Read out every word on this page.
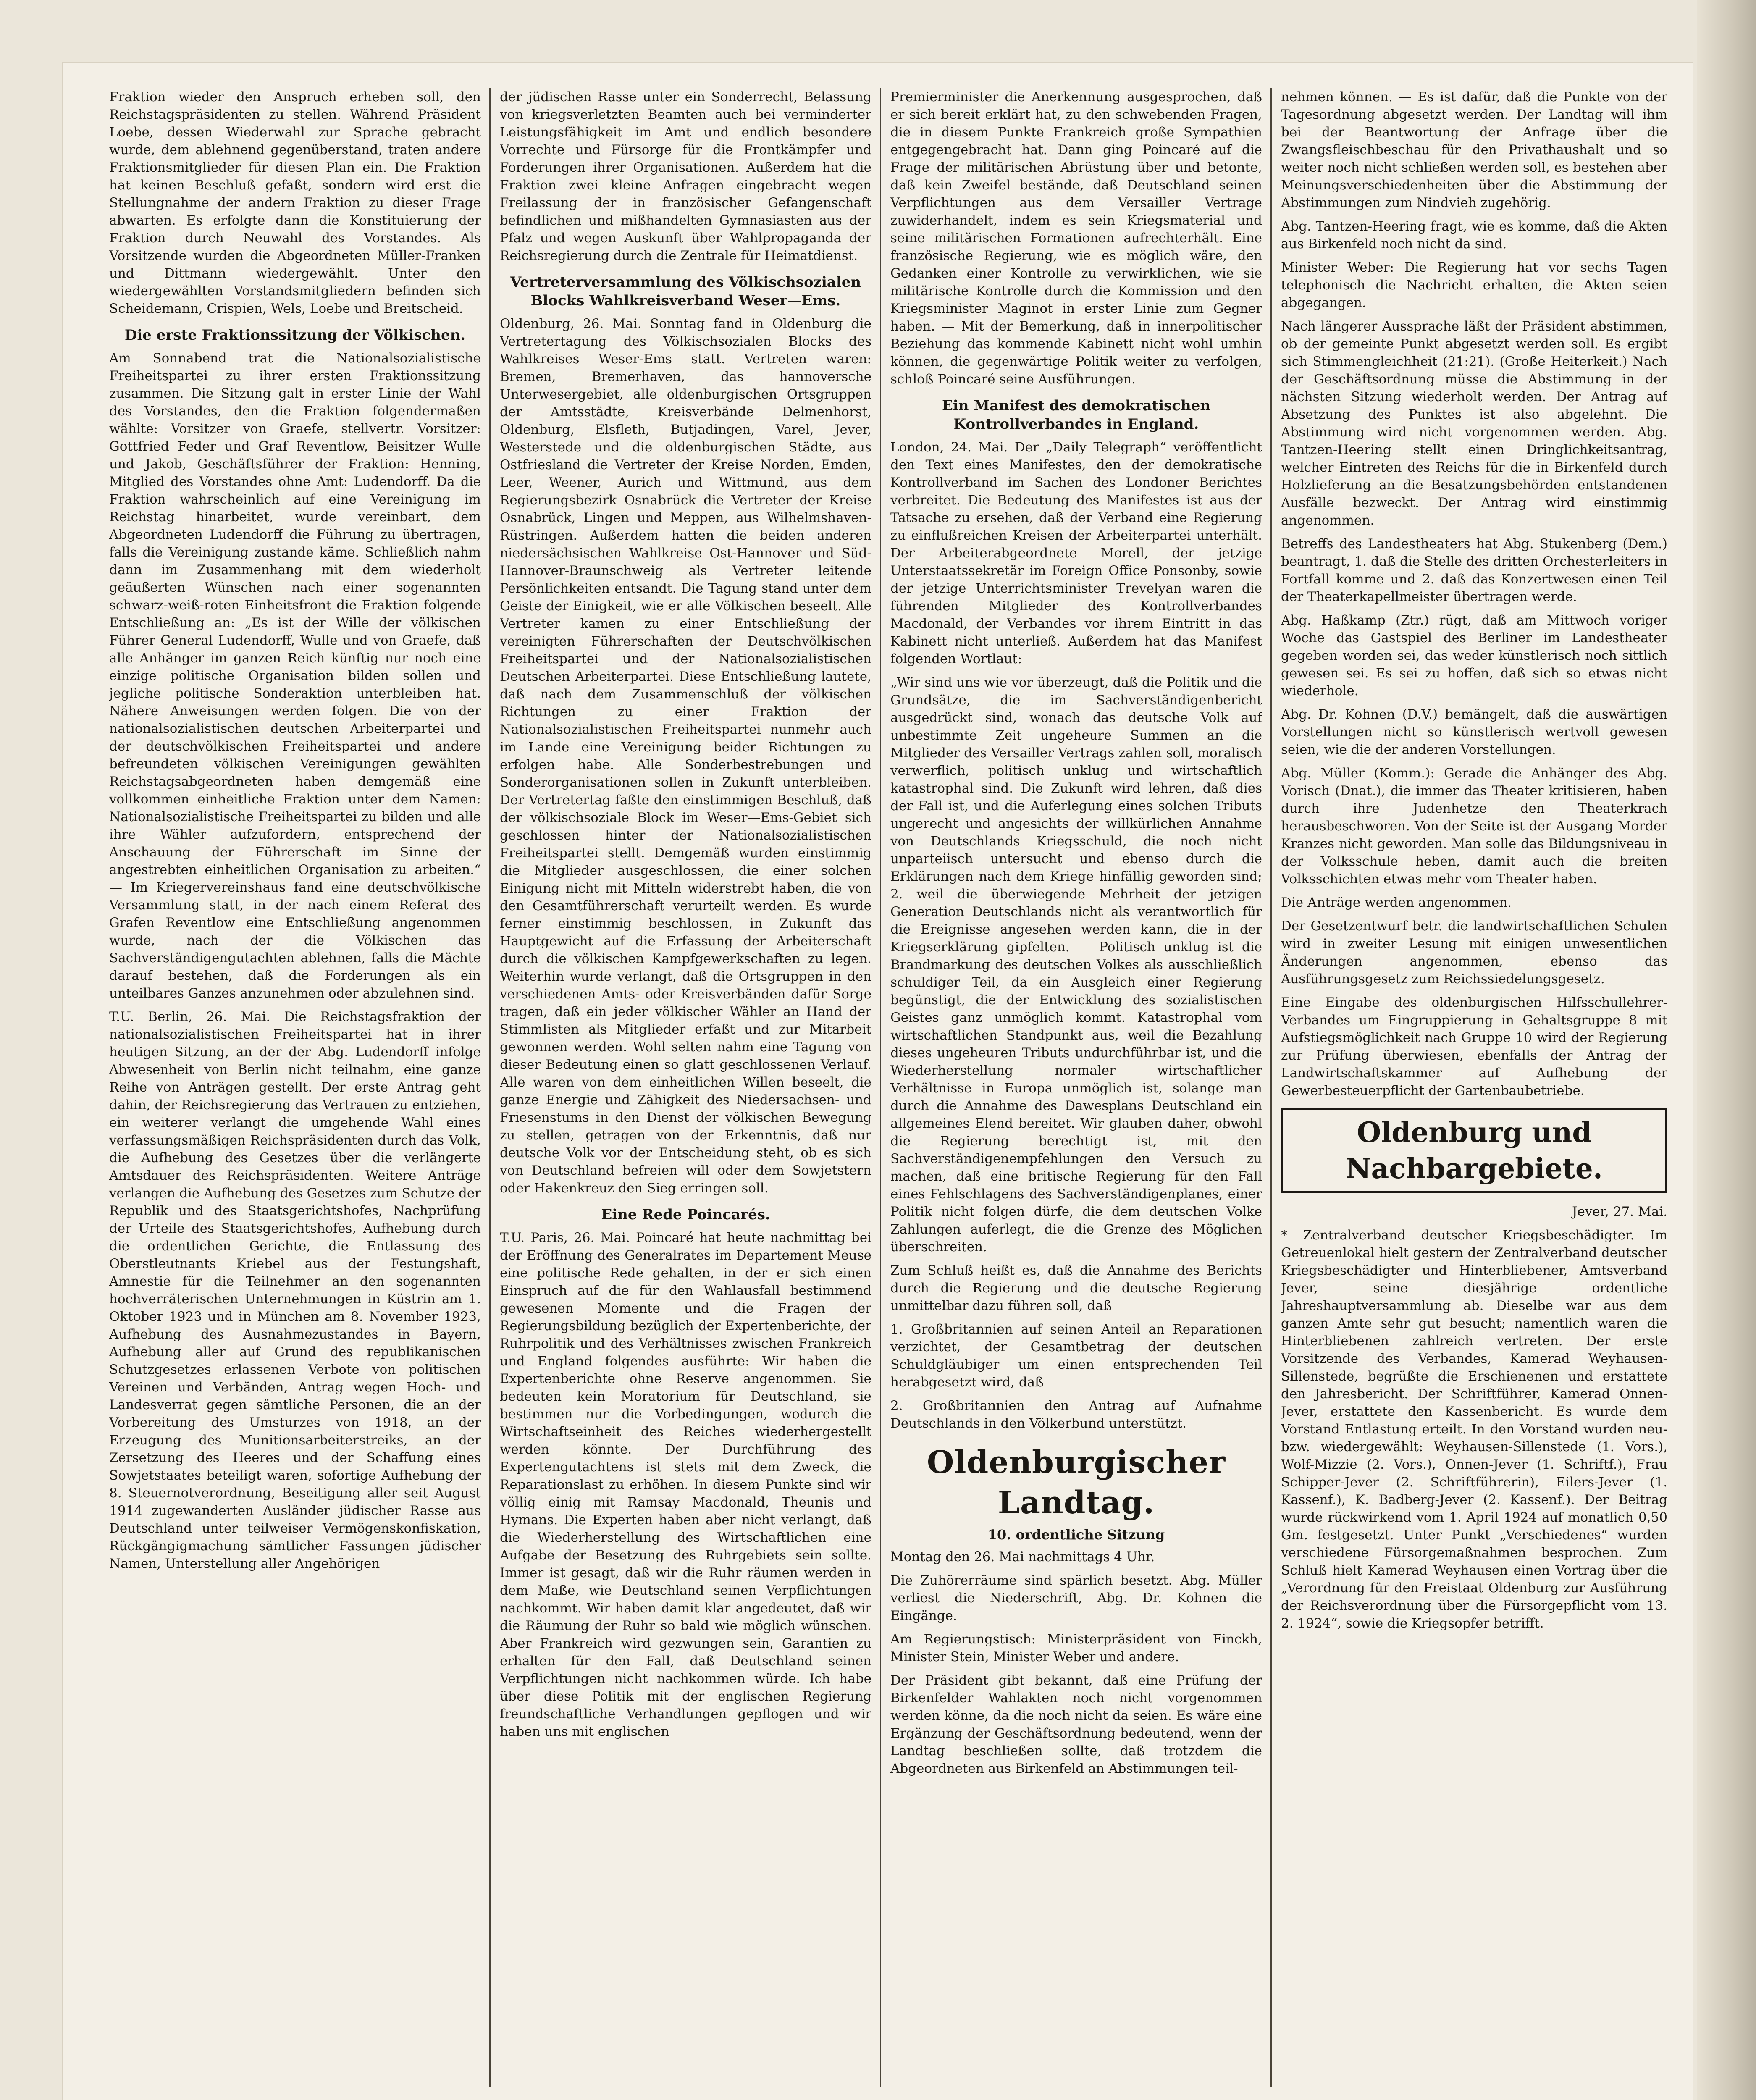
Fraktion wieder den Anspruch erheben soll, den Reichstagspräsidenten zu stellen. Während Präsident Loebe, dessen Wiederwahl zur Sprache gebracht wurde, dem ablehnend gegenüberstand, traten andere Fraktionsmitglieder für diesen Plan ein. Die Fraktion hat keinen Beschluß gefaßt, sondern wird erst die Stellungnahme der andern Fraktion zu dieser Frage abwarten. Es erfolgte dann die Konstituierung der Fraktion durch Neuwahl des Vorstandes. Als Vorsitzende wurden die Abgeordneten Müller-Franken und Dittmann wiedergewählt. Unter den wiedergewählten Vorstandsmitgliedern befinden sich Scheidemann, Crispien, Wels, Loebe und Breitscheid.

Die erste Fraktionssitzung der Völkischen.

Am Sonnabend trat die Nationalsozialistische Freiheitspartei zu ihrer ersten Fraktionssitzung zusammen. Die Sitzung galt in erster Linie der Wahl des Vorstandes, den die Fraktion folgendermaßen wählte: Vorsitzer von Graefe, stellvertr. Vorsitzer: Gottfried Feder und Graf Reventlow, Beisitzer Wulle und Jakob, Geschäftsführer der Fraktion: Henning, Mitglied des Vorstandes ohne Amt: Ludendorff. Da die Fraktion wahrscheinlich auf eine Vereinigung im Reichstag hinarbeitet, wurde vereinbart, dem Abgeordneten Ludendorff die Führung zu übertragen, falls die Vereinigung zustande käme. Schließlich nahm dann im Zusammenhang mit dem wiederholt geäußerten Wünschen nach einer sogenannten schwarz-weiß-roten Einheitsfront die Fraktion folgende Entschließung an: „Es ist der Wille der völkischen Führer General Ludendorff, Wulle und von Graefe, daß alle Anhänger im ganzen Reich künftig nur noch eine einzige politische Organisation bilden sollen und jegliche politische Sonderaktion unterbleiben hat. Nähere Anweisungen werden folgen. Die von der nationalsozialistischen deutschen Arbeiterpartei und der deutschvölkischen Freiheitspartei und andere befreundeten völkischen Vereinigungen gewählten Reichstagsabgeordneten haben demgemäß eine vollkommen einheitliche Fraktion unter dem Namen: Nationalsozialistische Freiheitspartei zu bilden und alle ihre Wähler aufzufordern, entsprechend der Anschauung der Führerschaft im Sinne der angestrebten einheitlichen Organisation zu arbeiten.“ — Im Kriegervereinshaus fand eine deutschvölkische Versammlung statt, in der nach einem Referat des Grafen Reventlow eine Entschließung angenommen wurde, nach der die Völkischen das Sachverständigengutachten ablehnen, falls die Mächte darauf bestehen, daß die Forderungen als ein unteilbares Ganzes anzunehmen oder abzulehnen sind.

T.U. Berlin, 26. Mai. Die Reichstagsfraktion der nationalsozialistischen Freiheitspartei hat in ihrer heutigen Sitzung, an der der Abg. Ludendorff infolge Abwesenheit von Berlin nicht teilnahm, eine ganze Reihe von Anträgen gestellt. Der erste Antrag geht dahin, der Reichsregierung das Vertrauen zu entziehen, ein weiterer verlangt die umgehende Wahl eines verfassungsmäßigen Reichspräsidenten durch das Volk, die Aufhebung des Gesetzes über die verlängerte Amtsdauer des Reichspräsidenten. Weitere Anträge verlangen die Aufhebung des Gesetzes zum Schutze der Republik und des Staatsgerichtshofes, Nachprüfung der Urteile des Staatsgerichtshofes, Aufhebung durch die ordentlichen Gerichte, die Entlassung des Oberstleutnants Kriebel aus der Festungshaft, Amnestie für die Teilnehmer an den sogenannten hochverräterischen Unternehmungen in Küstrin am 1. Oktober 1923 und in München am 8. November 1923, Aufhebung des Ausnahmezustandes in Bayern, Aufhebung aller auf Grund des republikanischen Schutzgesetzes erlassenen Verbote von politischen Vereinen und Verbänden, Antrag wegen Hoch- und Landesverrat gegen sämtliche Personen, die an der Vorbereitung des Umsturzes von 1918, an der Erzeugung des Munitionsarbeiterstreiks, an der Zersetzung des Heeres und der Schaffung eines Sowjetstaates beteiligt waren, sofortige Aufhebung der 8. Steuernotverordnung, Beseitigung aller seit August 1914 zugewanderten Ausländer jüdischer Rasse aus Deutschland unter teilweiser Vermögenskonfiskation, Rückgängigmachung sämtlicher Fassungen jüdischer Namen, Unterstellung aller Angehörigen

der jüdischen Rasse unter ein Sonderrecht, Belassung von kriegsverletzten Beamten auch bei verminderter Leistungsfähigkeit im Amt und endlich besondere Vorrechte und Fürsorge für die Frontkämpfer und Forderungen ihrer Organisationen. Außerdem hat die Fraktion zwei kleine Anfragen eingebracht wegen Freilassung der in französischer Gefangenschaft befindlichen und mißhandelten Gymnasiasten aus der Pfalz und wegen Auskunft über Wahlpropaganda der Reichsregierung durch die Zentrale für Heimatdienst.

Vertreterversammlung des Völkischsozialen Blocks Wahlkreisverband Weser—Ems.

Oldenburg, 26. Mai. Sonntag fand in Oldenburg die Vertretertagung des Völkischsozialen Blocks des Wahlkreises Weser-Ems statt. Vertreten waren: Bremen, Bremerhaven, das hannoversche Unterwesergebiet, alle oldenburgischen Ortsgruppen der Amtsstädte, Kreisverbände Delmenhorst, Oldenburg, Elsfleth, Butjadingen, Varel, Jever, Westerstede und die oldenburgischen Städte, aus Ostfriesland die Vertreter der Kreise Norden, Emden, Leer, Weener, Aurich und Wittmund, aus dem Regierungsbezirk Osnabrück die Vertreter der Kreise Osnabrück, Lingen und Meppen, aus Wilhelmshaven-Rüstringen. Außerdem hatten die beiden anderen niedersächsischen Wahlkreise Ost-Hannover und Süd-Hannover-Braunschweig als Vertreter leitende Persönlichkeiten entsandt. Die Tagung stand unter dem Geiste der Einigkeit, wie er alle Völkischen beseelt. Alle Vertreter kamen zu einer Entschließung der vereinigten Führerschaften der Deutschvölkischen Freiheitspartei und der Nationalsozialistischen Deutschen Arbeiterpartei. Diese Entschließung lautete, daß nach dem Zusammenschluß der völkischen Richtungen zu einer Fraktion der Nationalsozialistischen Freiheitspartei nunmehr auch im Lande eine Vereinigung beider Richtungen zu erfolgen habe. Alle Sonderbestrebungen und Sonderorganisationen sollen in Zukunft unterbleiben. Der Vertretertag faßte den einstimmigen Beschluß, daß der völkischsoziale Block im Weser—Ems-Gebiet sich geschlossen hinter der Nationalsozialistischen Freiheitspartei stellt. Demgemäß wurden einstimmig die Mitglieder ausgeschlossen, die einer solchen Einigung nicht mit Mitteln widerstrebt haben, die von den Gesamtführerschaft verurteilt werden. Es wurde ferner einstimmig beschlossen, in Zukunft das Hauptgewicht auf die Erfassung der Arbeiterschaft durch die völkischen Kampfgewerkschaften zu legen. Weiterhin wurde verlangt, daß die Ortsgruppen in den verschiedenen Amts- oder Kreisverbänden dafür Sorge tragen, daß ein jeder völkischer Wähler an Hand der Stimmlisten als Mitglieder erfaßt und zur Mitarbeit gewonnen werden. Wohl selten nahm eine Tagung von dieser Bedeutung einen so glatt geschlossenen Verlauf. Alle waren von dem einheitlichen Willen beseelt, die ganze Energie und Zähigkeit des Niedersachsen- und Friesenstums in den Dienst der völkischen Bewegung zu stellen, getragen von der Erkenntnis, daß nur deutsche Volk vor der Entscheidung steht, ob es sich von Deutschland befreien will oder dem Sowjetstern oder Hakenkreuz den Sieg erringen soll.

Eine Rede Poincarés.

T.U. Paris, 26. Mai. Poincaré hat heute nachmittag bei der Eröffnung des Generalrates im Departement Meuse eine politische Rede gehalten, in der er sich einen Einspruch auf die für den Wahlausfall bestimmend gewesenen Momente und die Fragen der Regierungsbildung bezüglich der Expertenberichte, der Ruhrpolitik und des Verhältnisses zwischen Frankreich und England folgendes ausführte: Wir haben die Expertenberichte ohne Reserve angenommen. Sie bedeuten kein Moratorium für Deutschland, sie bestimmen nur die Vorbedingungen, wodurch die Wirtschaftseinheit des Reiches wiederhergestellt werden könnte. Der Durchführung des Expertengutachtens ist stets mit dem Zweck, die Reparationslast zu erhöhen. In diesem Punkte sind wir völlig einig mit Ramsay Macdonald, Theunis und Hymans. Die Experten haben aber nicht verlangt, daß die Wiederherstellung des Wirtschaftlichen eine Aufgabe der Besetzung des Ruhrgebiets sein sollte. Immer ist gesagt, daß wir die Ruhr räumen werden in dem Maße, wie Deutschland seinen Verpflichtungen nachkommt. Wir haben damit klar angedeutet, daß wir die Räumung der Ruhr so bald wie möglich wünschen. Aber Frankreich wird gezwungen sein, Garantien zu erhalten für den Fall, daß Deutschland seinen Verpflichtungen nicht nachkommen würde. Ich habe über diese Politik mit der englischen Regierung freundschaftliche Verhandlungen gepflogen und wir haben uns mit englischen

Premierminister die Anerkennung ausgesprochen, daß er sich bereit erklärt hat, zu den schwebenden Fragen, die in diesem Punkte Frankreich große Sympathien entgegengebracht hat. Dann ging Poincaré auf die Frage der militärischen Abrüstung über und betonte, daß kein Zweifel bestände, daß Deutschland seinen Verpflichtungen aus dem Versailler Vertrage zuwiderhandelt, indem es sein Kriegsmaterial und seine militärischen Formationen aufrechterhält. Eine französische Regierung, wie es möglich wäre, den Gedanken einer Kontrolle zu verwirklichen, wie sie militärische Kontrolle durch die Kommission und den Kriegsminister Maginot in erster Linie zum Gegner haben. — Mit der Bemerkung, daß in innerpolitischer Beziehung das kommende Kabinett nicht wohl umhin können, die gegenwärtige Politik weiter zu verfolgen, schloß Poincaré seine Ausführungen.

Ein Manifest des demokratischen Kontrollverbandes in England.

London, 24. Mai. Der „Daily Telegraph“ veröffentlicht den Text eines Manifestes, den der demokratische Kontrollverband im Sachen des Londoner Berichtes verbreitet. Die Bedeutung des Manifestes ist aus der Tatsache zu ersehen, daß der Verband eine Regierung zu einflußreichen Kreisen der Arbeiterpartei unterhält. Der Arbeiterabgeordnete Morell, der jetzige Unterstaatssekretär im Foreign Office Ponsonby, sowie der jetzige Unterrichtsminister Trevelyan waren die führenden Mitglieder des Kontrollverbandes Macdonald, der Verbandes vor ihrem Eintritt in das Kabinett nicht unterließ. Außerdem hat das Manifest folgenden Wortlaut:

„Wir sind uns wie vor überzeugt, daß die Politik und die Grundsätze, die im Sachverständigenbericht ausgedrückt sind, wonach das deutsche Volk auf unbestimmte Zeit ungeheure Summen an die Mitglieder des Versailler Vertrags zahlen soll, moralisch verwerflich, politisch unklug und wirtschaftlich katastrophal sind. Die Zukunft wird lehren, daß dies der Fall ist, und die Auferlegung eines solchen Tributs ungerecht und angesichts der willkürlichen Annahme von Deutschlands Kriegsschuld, die noch nicht unparteiisch untersucht und ebenso durch die Erklärungen nach dem Kriege hinfällig geworden sind; 2. weil die überwiegende Mehrheit der jetzigen Generation Deutschlands nicht als verantwortlich für die Ereignisse angesehen werden kann, die in der Kriegserklärung gipfelten. — Politisch unklug ist die Brandmarkung des deutschen Volkes als ausschließlich schuldiger Teil, da ein Ausgleich einer Regierung begünstigt, die der Entwicklung des sozialistischen Geistes ganz unmöglich kommt. Katastrophal vom wirtschaftlichen Standpunkt aus, weil die Bezahlung dieses ungeheuren Tributs undurchführbar ist, und die Wiederherstellung normaler wirtschaftlicher Verhältnisse in Europa unmöglich ist, solange man durch die Annahme des Dawesplans Deutschland ein allgemeines Elend bereitet. Wir glauben daher, obwohl die Regierung berechtigt ist, mit den Sachverständigenempfehlungen den Versuch zu machen, daß eine britische Regierung für den Fall eines Fehlschlagens des Sachverständigenplanes, einer Politik nicht folgen dürfe, die dem deutschen Volke Zahlungen auferlegt, die die Grenze des Möglichen überschreiten.

Zum Schluß heißt es, daß die Annahme des Berichts durch die Regierung und die deutsche Regierung unmittelbar dazu führen soll, daß

1. Großbritannien auf seinen Anteil an Reparationen verzichtet, der Gesamtbetrag der deutschen Schuldgläubiger um einen entsprechenden Teil herabgesetzt wird, daß

2. Großbritannien den Antrag auf Aufnahme Deutschlands in den Völkerbund unterstützt.

Oldenburgischer Landtag.
10. ordentliche Sitzung

Montag den 26. Mai nachmittags 4 Uhr.

Die Zuhörerräume sind spärlich besetzt. Abg. Müller verliest die Niederschrift, Abg. Dr. Kohnen die Eingänge.

Am Regierungstisch: Ministerpräsident von Finckh, Minister Stein, Minister Weber und andere.

Der Präsident gibt bekannt, daß eine Prüfung der Birkenfelder Wahlakten noch nicht vorgenommen werden könne, da die noch nicht da seien. Es wäre eine Ergänzung der Geschäftsordnung bedeutend, wenn der Landtag beschließen sollte, daß trotzdem die Abgeordneten aus Birkenfeld an Abstimmungen teil-

nehmen können. — Es ist dafür, daß die Punkte von der Tagesordnung abgesetzt werden. Der Landtag will ihm bei der Beantwortung der Anfrage über die Zwangsfleischbeschau für den Privathaushalt und so weiter noch nicht schließen werden soll, es bestehen aber Meinungsverschiedenheiten über die Abstimmung der Abstimmungen zum Nindvieh zugehörig.

Abg. Tantzen-Heering fragt, wie es komme, daß die Akten aus Birkenfeld noch nicht da sind.

Minister Weber: Die Regierung hat vor sechs Tagen telephonisch die Nachricht erhalten, die Akten seien abgegangen.

Nach längerer Aussprache läßt der Präsident abstimmen, ob der gemeinte Punkt abgesetzt werden soll. Es ergibt sich Stimmengleichheit (21:21). (Große Heiterkeit.) Nach der Geschäftsordnung müsse die Abstimmung in der nächsten Sitzung wiederholt werden. Der Antrag auf Absetzung des Punktes ist also abgelehnt. Die Abstimmung wird nicht vorgenommen werden. Abg. Tantzen-Heering stellt einen Dringlichkeitsantrag, welcher Eintreten des Reichs für die in Birkenfeld durch Holzlieferung an die Besatzungsbehörden entstandenen Ausfälle bezweckt. Der Antrag wird einstimmig angenommen.

Betreffs des Landestheaters hat Abg. Stukenberg (Dem.) beantragt, 1. daß die Stelle des dritten Orchesterleiters in Fortfall komme und 2. daß das Konzertwesen einen Teil der Theaterkapellmeister übertragen werde.

Abg. Haßkamp (Ztr.) rügt, daß am Mittwoch voriger Woche das Gastspiel des Berliner im Landestheater gegeben worden sei, das weder künstlerisch noch sittlich gewesen sei. Es sei zu hoffen, daß sich so etwas nicht wiederhole.

Abg. Dr. Kohnen (D.V.) bemängelt, daß die auswärtigen Vorstellungen nicht so künstlerisch wertvoll gewesen seien, wie die der anderen Vorstellungen.

Abg. Müller (Komm.): Gerade die Anhänger des Abg. Vorisch (Dnat.), die immer das Theater kritisieren, haben durch ihre Judenhetze den Theaterkrach herausbeschworen. Von der Seite ist der Ausgang Morder Kranzes nicht geworden. Man solle das Bildungsniveau in der Volksschule heben, damit auch die breiten Volksschichten etwas mehr vom Theater haben.

Die Anträge werden angenommen.

Der Gesetzentwurf betr. die landwirtschaftlichen Schulen wird in zweiter Lesung mit einigen unwesentlichen Änderungen angenommen, ebenso das Ausführungsgesetz zum Reichssiedelungsgesetz.

Eine Eingabe des oldenburgischen Hilfsschullehrer-Verbandes um Eingruppierung in Gehaltsgruppe 8 mit Aufstiegsmöglichkeit nach Gruppe 10 wird der Regierung zur Prüfung überwiesen, ebenfalls der Antrag der Landwirtschaftskammer auf Aufhebung der Gewerbesteuerpflicht der Gartenbaubetriebe.

Oldenburg und Nachbargebiete.

Jever, 27. Mai.

* Zentralverband deutscher Kriegsbeschädigter. Im Getreuenlokal hielt gestern der Zentralverband deutscher Kriegsbeschädigter und Hinterbliebener, Amtsverband Jever, seine diesjährige ordentliche Jahreshauptversammlung ab. Dieselbe war aus dem ganzen Amte sehr gut besucht; namentlich waren die Hinterbliebenen zahlreich vertreten. Der erste Vorsitzende des Verbandes, Kamerad Weyhausen-Sillenstede, begrüßte die Erschienenen und erstattete den Jahresbericht. Der Schriftführer, Kamerad Onnen-Jever, erstattete den Kassenbericht. Es wurde dem Vorstand Entlastung erteilt. In den Vorstand wurden neu- bzw. wiedergewählt: Weyhausen-Sillenstede (1. Vors.), Wolf-Mizzie (2. Vors.), Onnen-Jever (1. Schriftf.), Frau Schipper-Jever (2. Schriftführerin), Eilers-Jever (1. Kassenf.), K. Badberg-Jever (2. Kassenf.). Der Beitrag wurde rückwirkend vom 1. April 1924 auf monatlich 0,50 Gm. festgesetzt. Unter Punkt „Verschiedenes“ wurden verschiedene Fürsorgemaßnahmen besprochen. Zum Schluß hielt Kamerad Weyhausen einen Vortrag über die „Verordnung für den Freistaat Oldenburg zur Ausführung der Reichsverordnung über die Fürsorgepflicht vom 13. 2. 1924“, sowie die Kriegsopfer betrifft.
